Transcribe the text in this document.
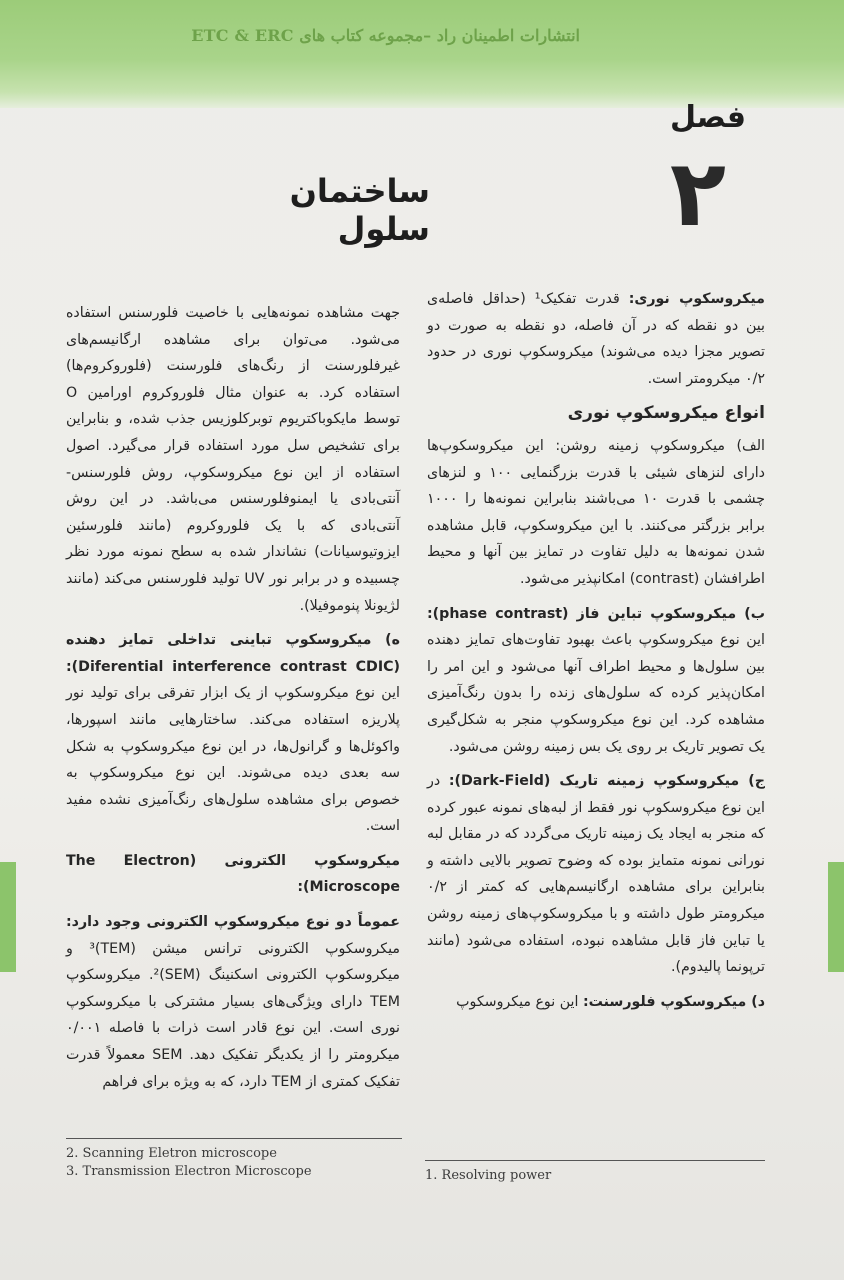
انتشارات اطمینان راد –مجموعه کتاب های ETC & ERC
فصل
۲
ساختمان سلول

میکروسکوپ نوری: قدرت تفکیک¹ (حداقل فاصله‌ی بین دو نقطه که در آن فاصله، دو نقطه به صورت دو تصویر مجزا دیده می‌شوند) میکروسکوپ نوری در حدود ۰/۲ میکرومتر است.

انواع میکروسکوپ نوری

الف) میکروسکوپ زمینه روشن: این میکروسکوپ‌ها دارای لنزهای شیئی با قدرت بزرگنمایی ۱۰۰ و لنزهای چشمی با قدرت ۱۰ می‌باشند بنابراین نمونه‌ها را ۱۰۰۰ برابر بزرگتر می‌کنند. با این میکروسکوپ، قابل مشاهده شدن نمونه‌ها به دلیل تفاوت در تمایز بین آنها و محیط اطرافشان (contrast) امکانپذیر می‌شود.

ب) میکروسکوپ تباین فاز (phase contrast): این نوع میکروسکوپ باعث بهبود تفاوت‌های تمایز دهنده بین سلول‌ها و محیط اطراف آنها می‌شود و این امر را امکان‌پذیر کرده که سلول‌های زنده را بدون رنگ‌آمیزی مشاهده کرد. این نوع میکروسکوپ منجر به شکل‌گیری یک تصویر تاریک بر روی یک بس زمینه روشن می‌شود.

ج) میکروسکوپ زمینه تاریک (Dark-Field): در این نوع میکروسکوپ نور فقط از لبه‌های نمونه عبور کرده که منجر به ایجاد یک زمینه تاریک می‌گردد که در مقابل لبه نورانی نمونه متمایز بوده که وضوح تصویر بالایی داشته و بنابراین برای مشاهده ارگانیسم‌هایی که کمتر از ۰/۲ میکرومتر طول داشته و با میکروسکوپ‌های زمینه روشن یا تباین فاز قابل مشاهده نبوده، استفاده می‌شود (مانند ترپونما پالیدوم).

د) میکروسکوپ فلورسنت: این نوع میکروسکوپ

جهت مشاهده نمونه‌هایی با خاصیت فلورسنس استفاده می‌شود. می‌توان برای مشاهده ارگانیسم‌های غیرفلورسنت از رنگ‌های فلورسنت (فلوروکروم‌ها) استفاده کرد. به عنوان مثال فلوروکروم اورامین O توسط مایکوباکتریوم توبرکلوزیس جذب شده، و بنابراین برای تشخیص سل مورد استفاده قرار می‌گیرد. اصول استفاده از این نوع میکروسکوپ، روش فلورسنس- آنتی‌بادی یا ایمنوفلورسنس می‌باشد. در این روش آنتی‌بادی که با یک فلوروکروم (مانند فلورسئین ایزوتیوسیانات) نشاندار شده به سطح نمونه مورد نظر چسبیده و در برابر نور UV تولید فلورسنس می‌کند (مانند لژیونلا پنوموفیلا).

ه) میکروسکوپ تباینی تداخلی تمایز دهنده (Diferential interference contrast CDIC): این نوع میکروسکوپ از یک ابزار تفرقی برای تولید نور پلاریزه استفاده می‌کند. ساختارهایی مانند اسپورها، واکوئل‌ها و گرانول‌ها، در این نوع میکروسکوپ به شکل سه بعدی دیده می‌شوند. این نوع میکروسکوپ به خصوص برای مشاهده سلول‌های رنگ‌آمیزی نشده مفید است.

میکروسکوپ الکترونی (The Electron Microscope):

عموماً دو نوع میکروسکوپ الکترونی وجود دارد: میکروسکوپ الکترونی ترانس میشن (TEM)³ و میکروسکوپ الکترونی اسکنینگ (SEM)². میکروسکوپ TEM دارای ویژگی‌های بسیار مشترکی با میکروسکوپ نوری است. این نوع قادر است ذرات با فاصله ۰/۰۰۱ میکرومتر را از یکدیگر تفکیک دهد. SEM معمولاً قدرت تفکیک کمتری از TEM دارد، که به ویژه برای فراهم

2. Scanning Eletron microscope
3. Transmission Electron Microscope	1. Resolving power
